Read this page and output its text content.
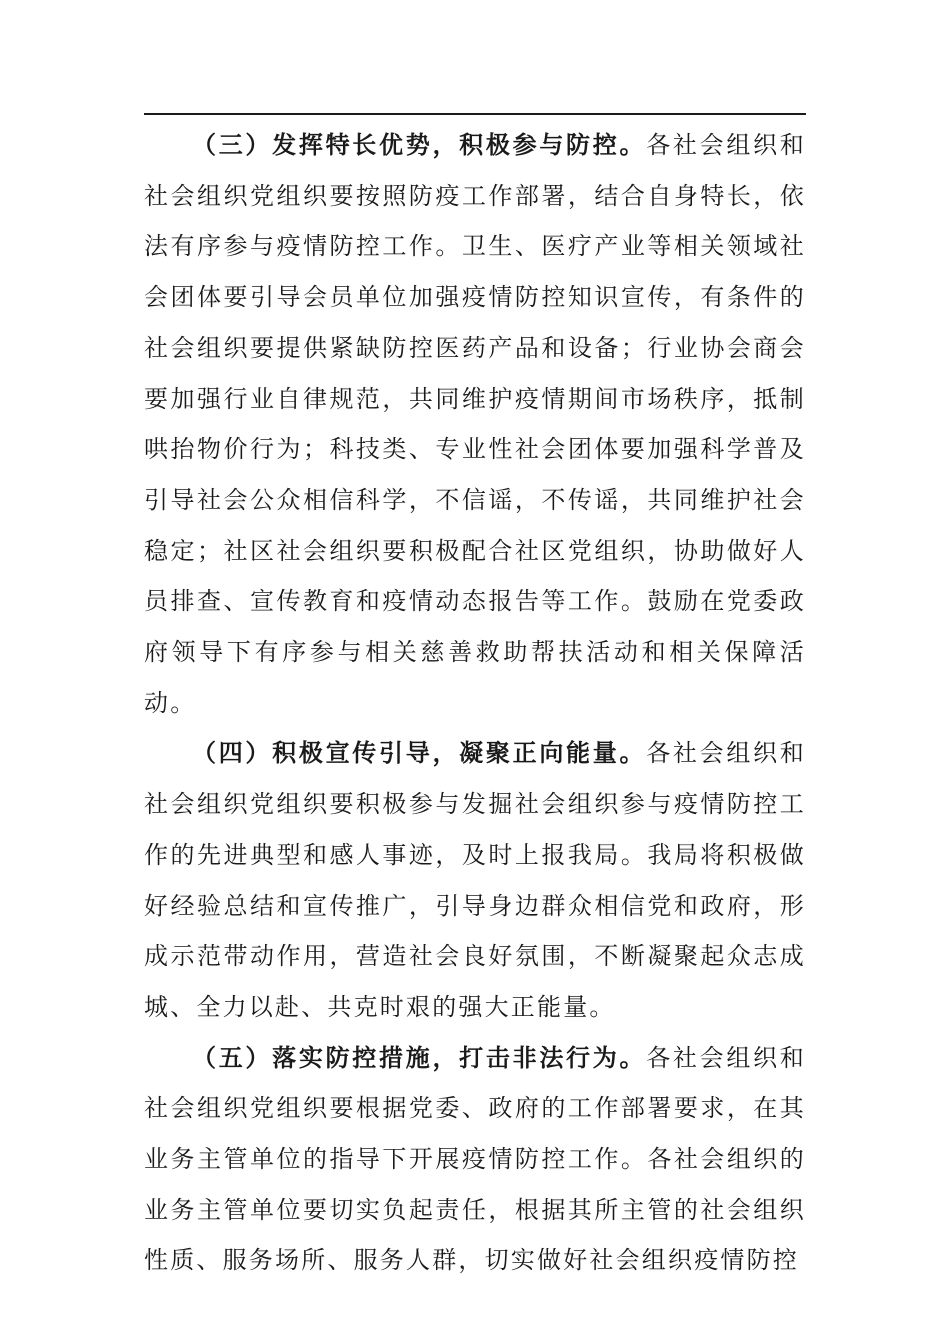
（三）发挥特长优势，积极参与防控。各社会组织和社会组织党组织要按照防疫工作部署，结合自身特长，依法有序参与疫情防控工作。卫生、医疗产业等相关领域社会团体要引导会员单位加强疫情防控知识宣传，有条件的社会组织要提供紧缺防控医药产品和设备；行业协会商会要加强行业自律规范，共同维护疫情期间市场秩序，抵制哄抬物价行为；科技类、专业性社会团体要加强科学普及引导社会公众相信科学，不信谣，不传谣，共同维护社会稳定；社区社会组织要积极配合社区党组织，协助做好人员排查、宣传教育和疫情动态报告等工作。鼓励在党委政府领导下有序参与相关慈善救助帮扶活动和相关保障活动。

（四）积极宣传引导，凝聚正向能量。各社会组织和社会组织党组织要积极参与发掘社会组织参与疫情防控工作的先进典型和感人事迹，及时上报我局。我局将积极做好经验总结和宣传推广，引导身边群众相信党和政府，形成示范带动作用，营造社会良好氛围，不断凝聚起众志成城、全力以赴、共克时艰的强大正能量。

（五）落实防控措施，打击非法行为。各社会组织和社会组织党组织要根据党委、政府的工作部署要求，在其业务主管单位的指导下开展疫情防控工作。各社会组织的业务主管单位要切实负起责任，根据其所主管的社会组织性质、服务场所、服务人群，切实做好社会组织疫情防控
